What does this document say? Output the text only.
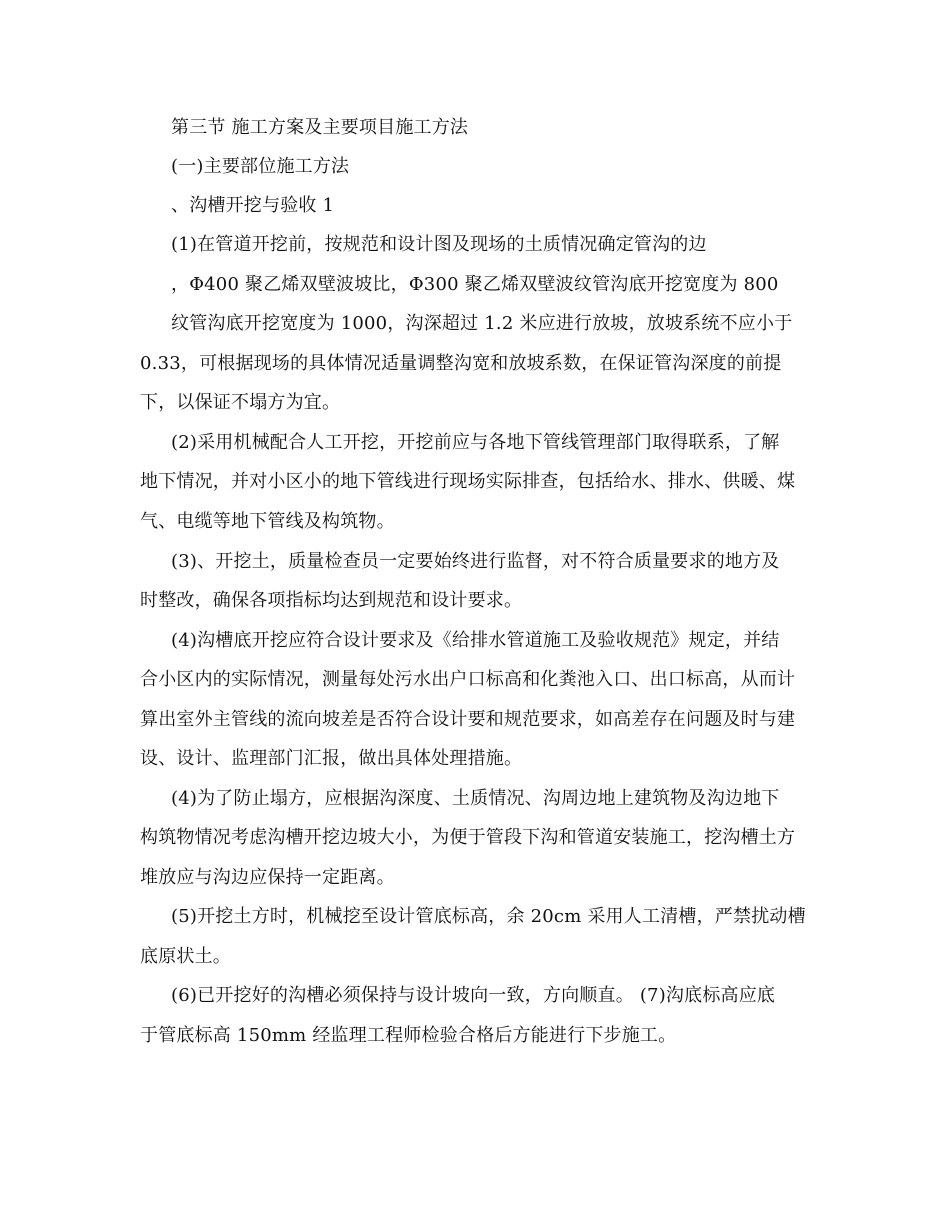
第三节 施工方案及主要项目施工方法
(一)主要部位施工方法
、沟槽开挖与验收 1
(1)在管道开挖前，按规范和设计图及现场的土质情况确定管沟的边
，Φ400 聚乙烯双壁波坡比，Φ300 聚乙烯双壁波纹管沟底开挖宽度为 800
纹管沟底开挖宽度为 1000，沟深超过 1.2 米应进行放坡，放坡系统不应小于
0.33，可根据现场的具体情况适量调整沟宽和放坡系数，在保证管沟深度的前提
下，以保证不塌方为宜。
(2)采用机械配合人工开挖，开挖前应与各地下管线管理部门取得联系，了解
地下情况，并对小区小的地下管线进行现场实际排查，包括给水、排水、供暖、煤
气、电缆等地下管线及构筑物。
(3)、开挖土，质量检查员一定要始终进行监督，对不符合质量要求的地方及
时整改，确保各项指标均达到规范和设计要求。
(4)沟槽底开挖应符合设计要求及《给排水管道施工及验收规范》规定，并结
合小区内的实际情况，测量每处污水出户口标高和化粪池入口、出口标高，从而计
算出室外主管线的流向坡差是否符合设计要和规范要求，如高差存在问题及时与建
设、设计、监理部门汇报，做出具体处理措施。
(4)为了防止塌方，应根据沟深度、土质情况、沟周边地上建筑物及沟边地下
构筑物情况考虑沟槽开挖边坡大小，为便于管段下沟和管道安装施工，挖沟槽土方
堆放应与沟边应保持一定距离。
(5)开挖土方时，机械挖至设计管底标高，余 20cm 采用人工清槽，严禁扰动槽
底原状土。
(6)已开挖好的沟槽必须保持与设计坡向一致，方向顺直。 (7)沟底标高应底
于管底标高 150mm 经监理工程师检验合格后方能进行下步施工。
